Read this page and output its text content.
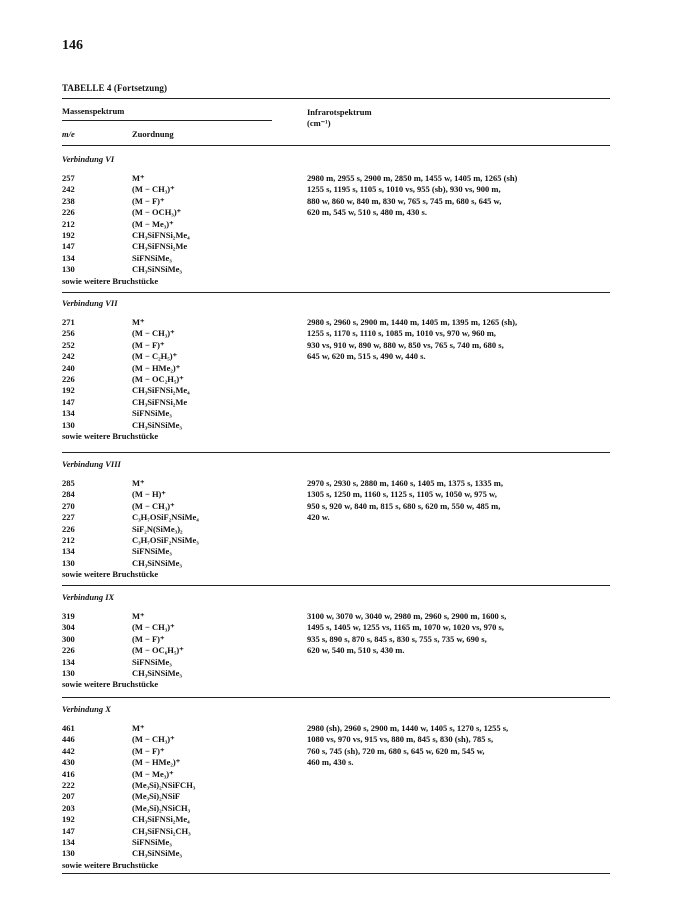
146
TABELLE 4 (Fortsetzung)
Massenspektrum	Infrarotspektrum
(cm⁻¹)
m/e	Zuordnung
Verbindung VI
257	M⁺
242	(M − CH₃)⁺
238	(M − F)⁺
226	(M − OCH₃)⁺
212	(M − Me₃)⁺
192	CH₃SiFNSi₂Me₄
147	CH₃SiFNSi₂Me
134	SiFNSiMe₃
130	CH₃SiNSiMe₃
sowie weitere Bruchstücke
2980 m, 2955 s, 2900 m, 2850 m, 1455 w, 1405 m, 1265 (sh)
1255 s, 1195 s, 1105 s, 1010 vs, 955 (sb), 930 vs, 900 m,
880 w, 860 w, 840 m, 830 w, 765 s, 745 m, 680 s, 645 w,
620 m, 545 w, 510 s, 480 m, 430 s.
Verbindung VII
271	M⁺
256	(M − CH₃)⁺
252	(M − F)⁺
242	(M − C₂H₅)⁺
240	(M − HMe₂)⁺
226	(M − OC₂H₅)⁺
192	CH₃SiFNSi₂Me₄
147	CH₃SiFNSi₂Me
134	SiFNSiMe₃
130	CH₃SiNSiMe₃
sowie weitere Bruchstücke
2980 s, 2960 s, 2900 m, 1440 m, 1405 m, 1395 m, 1265 (sh),
1255 s, 1170 s, 1110 s, 1085 m, 1010 vs, 970 w, 960 m,
930 vs, 910 w, 890 w, 880 w, 850 vs, 765 s, 740 m, 680 s,
645 w, 620 m, 515 s, 490 w, 440 s.
Verbindung VIII
285	M⁺
284	(M − H)⁺
270	(M − CH₃)⁺
227	C₃H₇OSiF₂NSiMe₄
226	SiF₂N(SiMe₃)₂
212	C₃H₇OSiF₂NSiMe₃
134	SiFNSiMe₃
130	CH₃SiNSiMe₃
sowie weitere Bruchstücke
2970 s, 2930 s, 2880 m, 1460 s, 1405 m, 1375 s, 1335 m,
1305 s, 1250 m, 1160 s, 1125 s, 1105 w, 1050 w, 975 w,
950 s, 920 w, 840 m, 815 s, 680 s, 620 m, 550 w, 485 m,
420 w.
Verbindung IX
319	M⁺
304	(M − CH₃)⁺
300	(M − F)⁺
226	(M − OC₆H₅)⁺
134	SiFNSiMe₃
130	CH₃SiNSiMe₃
sowie weitere Bruchstücke
3100 w, 3070 w, 3040 w, 2980 m, 2960 s, 2900 m, 1600 s,
1495 s, 1405 w, 1255 vs, 1165 m, 1070 w, 1020 vs, 970 s,
935 s, 890 s, 870 s, 845 s, 830 s, 755 s, 735 w, 690 s,
620 w, 540 m, 510 s, 430 m.
Verbindung X
461	M⁺
446	(M − CH₃)⁺
442	(M − F)⁺
430	(M − HMe₂)⁺
416	(M − Me₃)⁺
222	(Me₃Si)₂NSiFCH₃
207	(Me₃Si)₂NSiF
203	(Me₃Si)₂NSiCH₃
192	CH₃SiFNSi₂Me₄
147	CH₃SiFNSi₂CH₃
134	SiFNSiMe₃
130	CH₃SiNSiMe₃
sowie weitere Bruchstücke
2980 (sh), 2960 s, 2900 m, 1440 w, 1405 s, 1270 s, 1255 s,
1080 vs, 970 vs, 915 vs, 880 m, 845 s, 830 (sh), 785 s,
760 s, 745 (sh), 720 m, 680 s, 645 w, 620 m, 545 w,
460 m, 430 s.
